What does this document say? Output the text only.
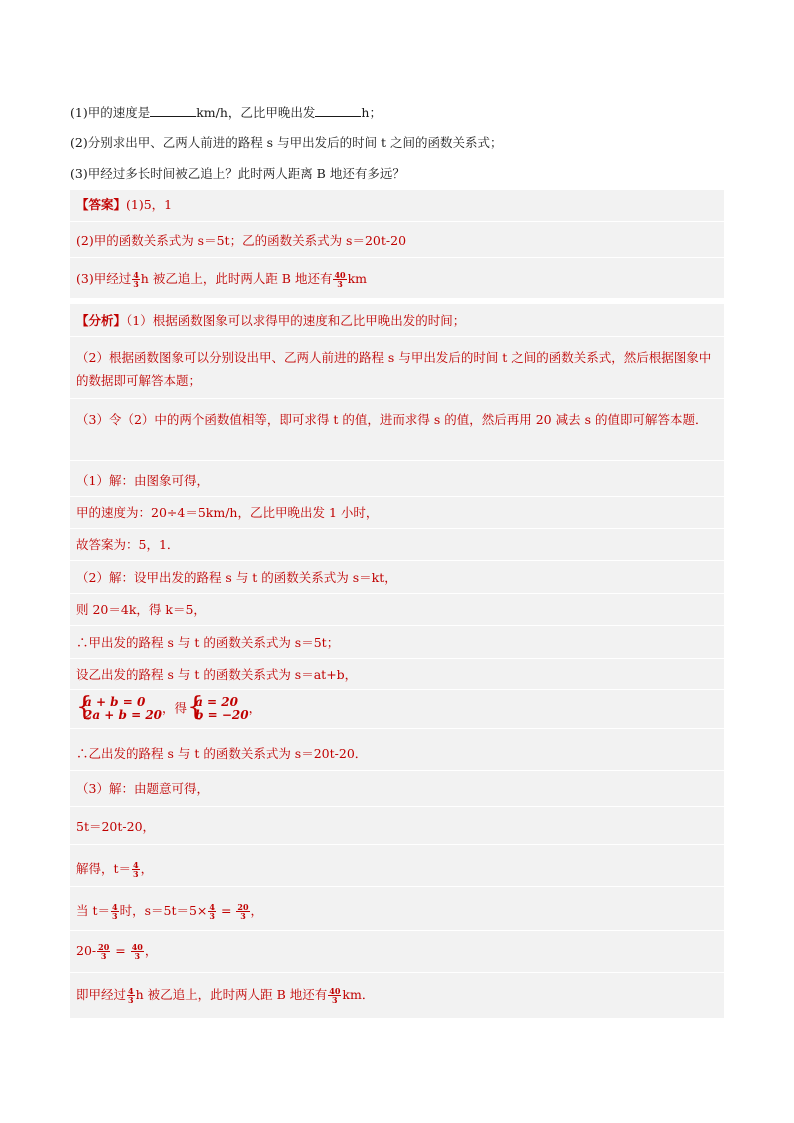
(1)甲的速度是	km/h，乙比甲晚出发	h；
(2)分别求出甲、乙两人前进的路程 s 与甲出发后的时间 t 之间的函数关系式；
(3)甲经过多长时间被乙追上？此时两人距离 B 地还有多远？
【答案】(1)5，1
(2)甲的函数关系式为 s＝5t；乙的函数关系式为 s＝20t-20
(3)甲经过 $\frac{4}{3}$ h 被乙追上，此时两人距 B 地还有 $\frac{40}{3}$ km
【分析】（1）根据函数图象可以求得甲的速度和乙比甲晚出发的时间；
（2）根据函数图象可以分别设出甲、乙两人前进的路程 s 与甲出发后的时间 t 之间的函数关系式，然后根据图象中的数据即可解答本题；
（3）令（2）中的两个函数值相等，即可求得 t 的值，进而求得 s 的值，然后再用 20 减去 s 的值即可解答本题．
（1）解：由图象可得，
甲的速度为：20÷4＝5km/h，乙比甲晚出发 1 小时，
故答案为：5，1．
（2）解：设甲出发的路程 s 与 t 的函数关系式为 s＝kt，
则 20＝4k，得 k＝5，
∴甲出发的路程 s 与 t 的函数关系式为 s＝5t；
设乙出发的路程 s 与 t 的函数关系式为 s＝at+b，
{
a + b = 0
2a + b = 20 ，得 {
a = 20
b = −20 ，
∴乙出发的路程 s 与 t 的函数关系式为 s＝20t-20．
（3）解：由题意可得，
5t＝20t-20，
解得，$t= \frac{4}{3}$ ，
当 $t= \frac{4}{3}$ 时，$s=5t=5\times \frac{4}{3} = \frac{20}{3}$ ，
$20- \frac{20}{3} = \frac{40}{3}$ ，
即甲经过 $\frac{4}{3}$ h 被乙追上，此时两人距 B 地还有 $\frac{40}{3}$ km．
